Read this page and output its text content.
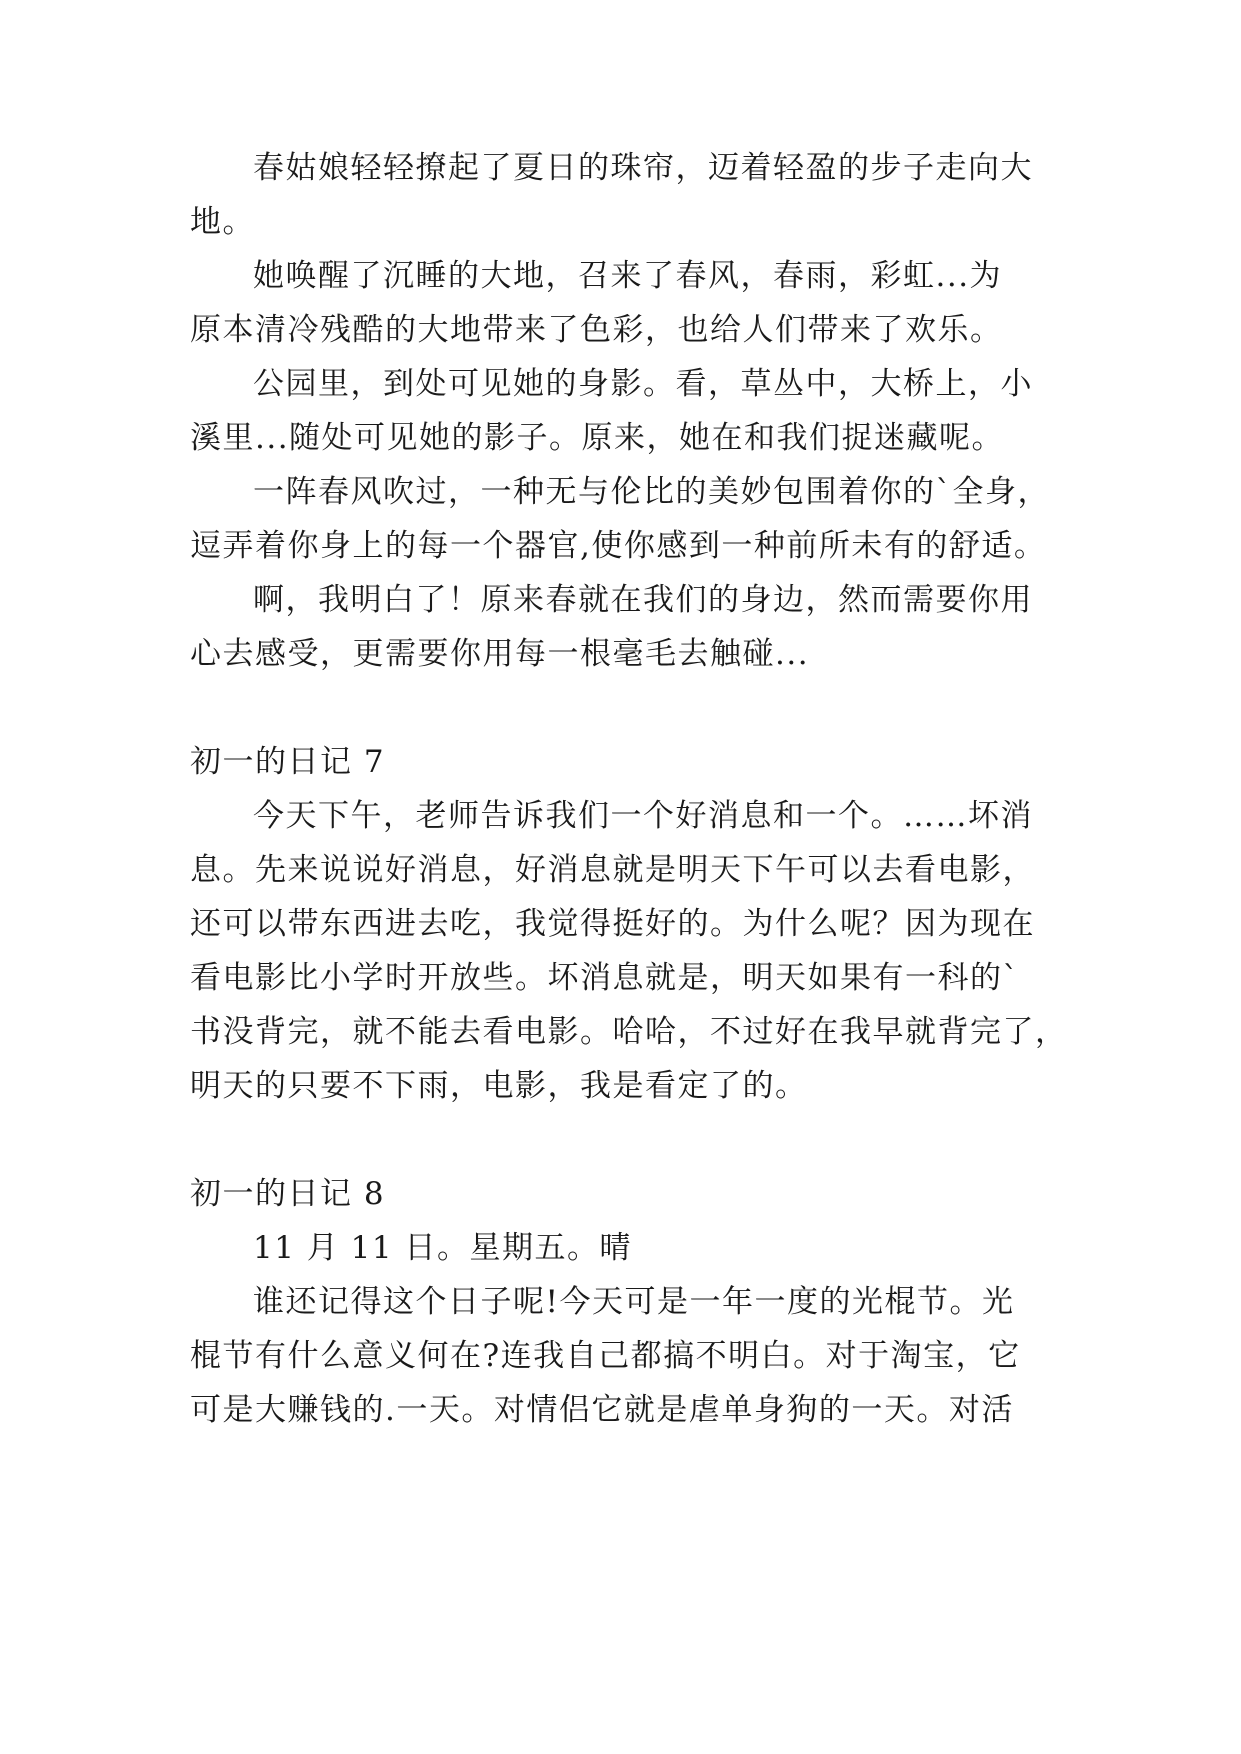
春姑娘轻轻撩起了夏日的珠帘，迈着轻盈的步子走向大
地。
她唤醒了沉睡的大地，召来了春风，春雨，彩虹...为
原本清冷残酷的大地带来了色彩，也给人们带来了欢乐。
公园里，到处可见她的身影。看，草丛中，大桥上，小
溪里...随处可见她的影子。原来，她在和我们捉迷藏呢。
一阵春风吹过，一种无与伦比的美妙包围着你的`全身，
逗弄着你身上的每一个器官,使你感到一种前所未有的舒适。
啊，我明白了！原来春就在我们的身边，然而需要你用
心去感受，更需要你用每一根毫毛去触碰...
初一的日记 7
今天下午，老师告诉我们一个好消息和一个。……坏消
息。先来说说好消息，好消息就是明天下午可以去看电影，
还可以带东西进去吃，我觉得挺好的。为什么呢？因为现在
看电影比小学时开放些。坏消息就是，明天如果有一科的`
书没背完，就不能去看电影。哈哈，不过好在我早就背完了，
明天的只要不下雨，电影，我是看定了的。
初一的日记 8
11 月 11 日。星期五。晴
谁还记得这个日子呢!今天可是一年一度的光棍节。光
棍节有什么意义何在?连我自己都搞不明白。对于淘宝，它
可是大赚钱的.一天。对情侣它就是虐单身狗的一天。对活
